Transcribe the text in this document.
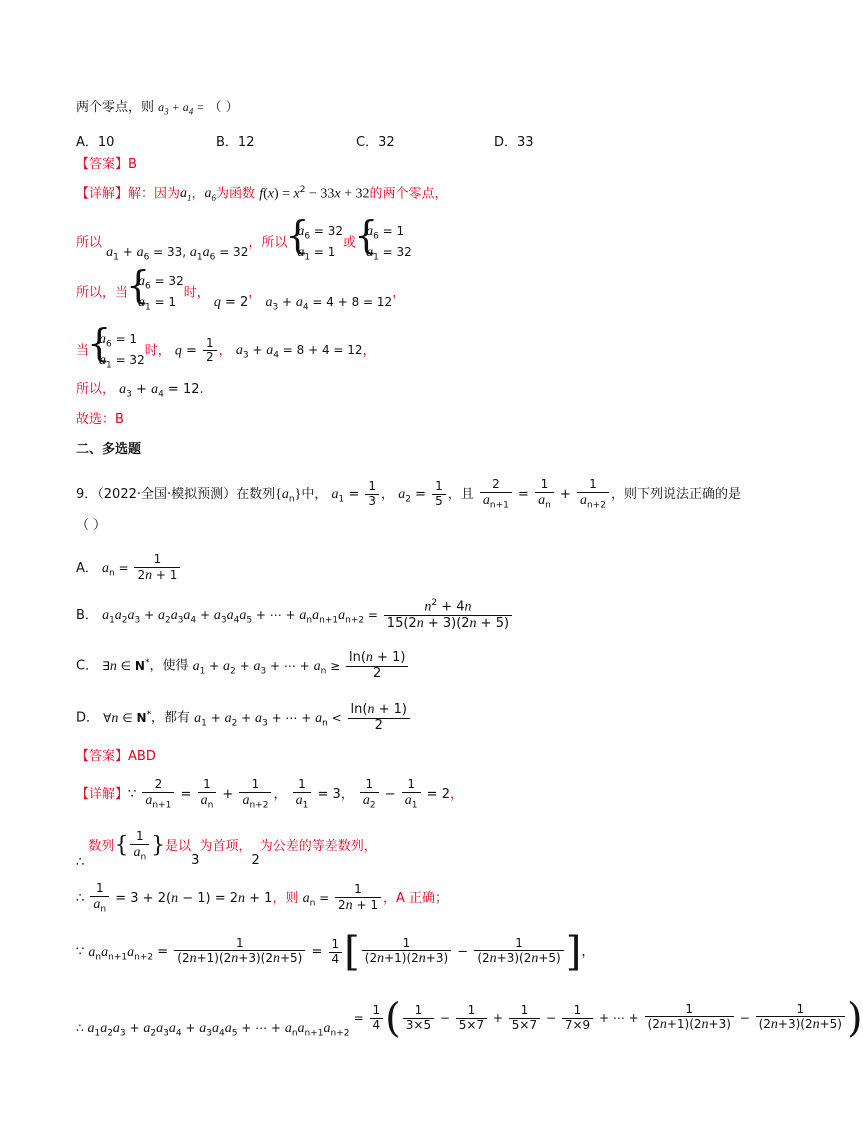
两个零点，则 $a_3 + a_4$ = （ ）
A．10	B．12	C．32	D．33
【答案】B
【详解】解：因为$a_1$，$a_6$为函数 $f(x) = x^2 - 33x + 32$的两个零点，
所以 $a_1 + a_6 = 33$, $a_1a_6 = 32$，所以
{ $a_6 = 32$
$a_1 = 1$
或
{ $a_6 = 1$
$a_1 = 32$
所以，当
{ $a_6 = 32$
$a_1 = 1$
时， q = 2， $a_3 + a_4 = 4 + 8 = 12$，
当
{ $a_6 = 1$
$a_1 = 32$
时， $q = \frac{1}{2}$ ， $a_3 + a_4 = 8 + 4 = 12$，
所以， $a_3 + a_4 = 12$.
故选：B
二、多选题
9．（2022·全国·模拟预测）在数列$\{a_n\}$中， $a_1 = \frac{1}{3}$ ， $a_2 = \frac{1}{5}$ ，且 $\frac{2}{a_{n+1}} = \frac{1}{a_n} + \frac{1}{a_{n+2}}$ ，则下列说法正确的是
（ ）
A． $a_n = \frac{1}{2n + 1}$
B． $a_1a_2a_3 + a_2a_3a_4 + a_3a_4a_5$ + ⋯ + $a_na_{n+1}a_{n+2} = \frac{n^2 + 4n}{15(2n + 3)(2n + 5)}$
C． ∃n ∈ N*，使得 $a_1 + a_2 + a_3$ + ⋯ + $a_n \ge \frac{\ln(n + 1)}{2}$
D． ∀n ∈ N*，都有 $a_1 + a_2 + a_3$ + ⋯ + $a_n < \frac{\ln(n + 1)}{2}$
【答案】ABD
【详解】∵ $\frac{2}{a_{n+1}} = \frac{1}{a_n} + \frac{1}{a_{n+2}}$ ， $\frac{1}{a_1} = 3$， $\frac{1}{a_2} - \frac{1}{a_1} = 2$，
∴ 数列{ $\frac{1}{a_n}$ }是以3为首项，2为公差的等差数列，
∴ $\frac{1}{a_n} = 3 + 2(n - 1) = 2n + 1$，则 $a_n = \frac{1}{2n + 1}$ ，A 正确；
∵ $a_na_{n+1}a_{n+2} = \frac{1}{(2n+1)(2n+3)(2n+5)} = \frac{1}{4}$ [ $\frac{1}{(2n+1)(2n+3)} - \frac{1}{(2n+3)(2n+5)}$ ]，
∴ $a_1a_2a_3 + a_2a_3a_4 + a_3a_4a_5$ + ⋯ + $a_na_{n+1}a_{n+2} = \frac{1}{4}$ ( $\frac{1}{3\times 5} - \frac{1}{5\times 7} + \frac{1}{5\times 7} - \frac{1}{7\times 9}$ + ⋯ + $\frac{1}{(2n+1)(2n+3)} - \frac{1}{(2n+3)(2n+5)}$ )
